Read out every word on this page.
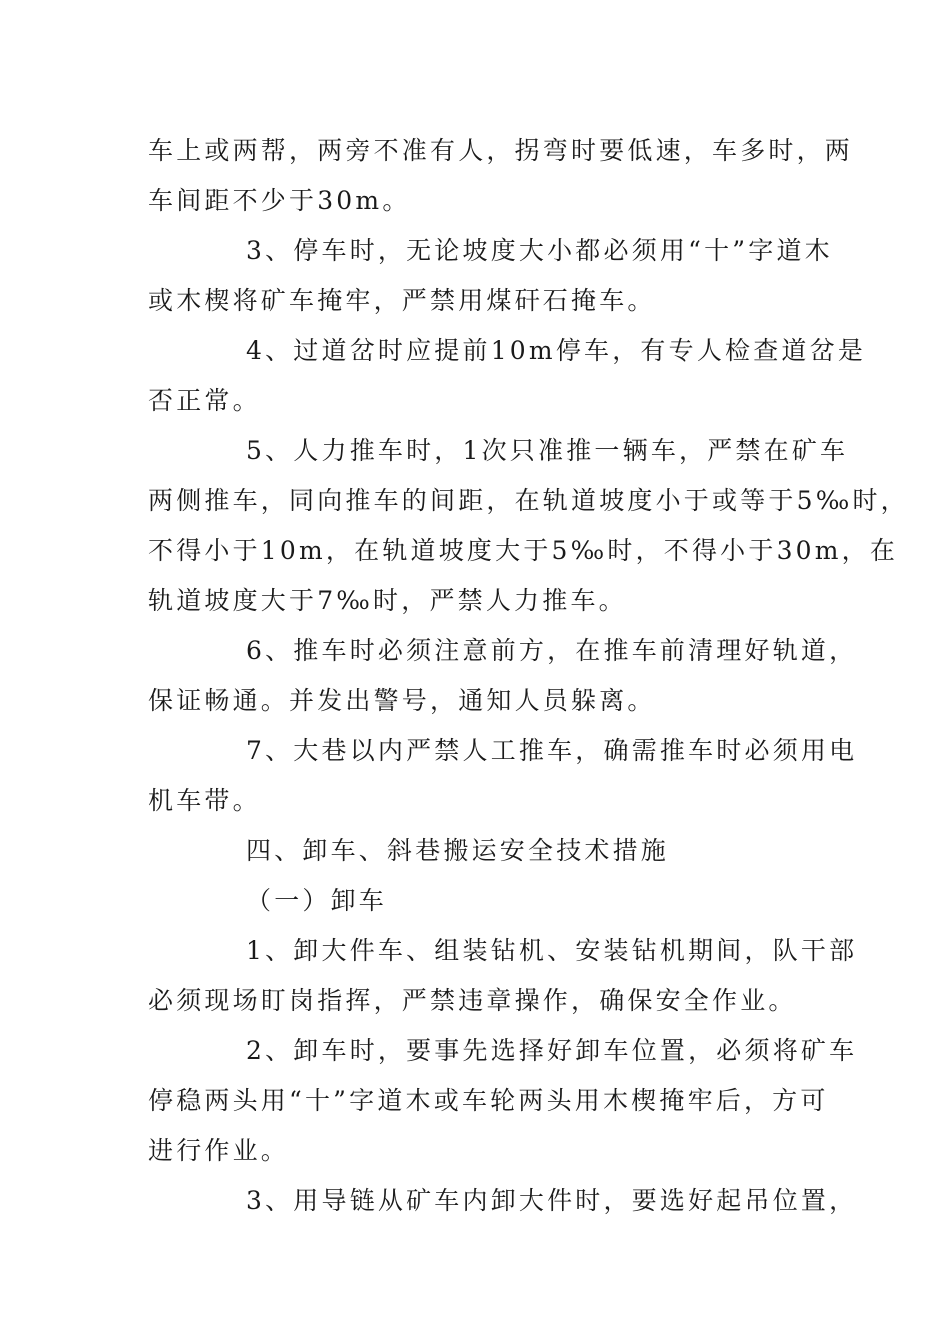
车上或两帮，两旁不准有人，拐弯时要低速，车多时，两
车间距不少于30m。
3、停车时，无论坡度大小都必须用“十”字道木
或木楔将矿车掩牢，严禁用煤矸石掩车。
4、过道岔时应提前10m停车，有专人检查道岔是
否正常。
5、人力推车时，1次只准推一辆车，严禁在矿车
两侧推车，同向推车的间距，在轨道坡度小于或等于5‰时，
不得小于10m，在轨道坡度大于5‰时，不得小于30m，在
轨道坡度大于7‰时，严禁人力推车。
6、推车时必须注意前方，在推车前清理好轨道，
保证畅通。并发出警号，通知人员躲离。
7、大巷以内严禁人工推车，确需推车时必须用电
机车带。
四、卸车、斜巷搬运安全技术措施
（一）卸车
1、卸大件车、组装钻机、安装钻机期间，队干部
必须现场盯岗指挥，严禁违章操作，确保安全作业。
2、卸车时，要事先选择好卸车位置，必须将矿车
停稳两头用“十”字道木或车轮两头用木楔掩牢后，方可
进行作业。
3、用导链从矿车内卸大件时，要选好起吊位置，
